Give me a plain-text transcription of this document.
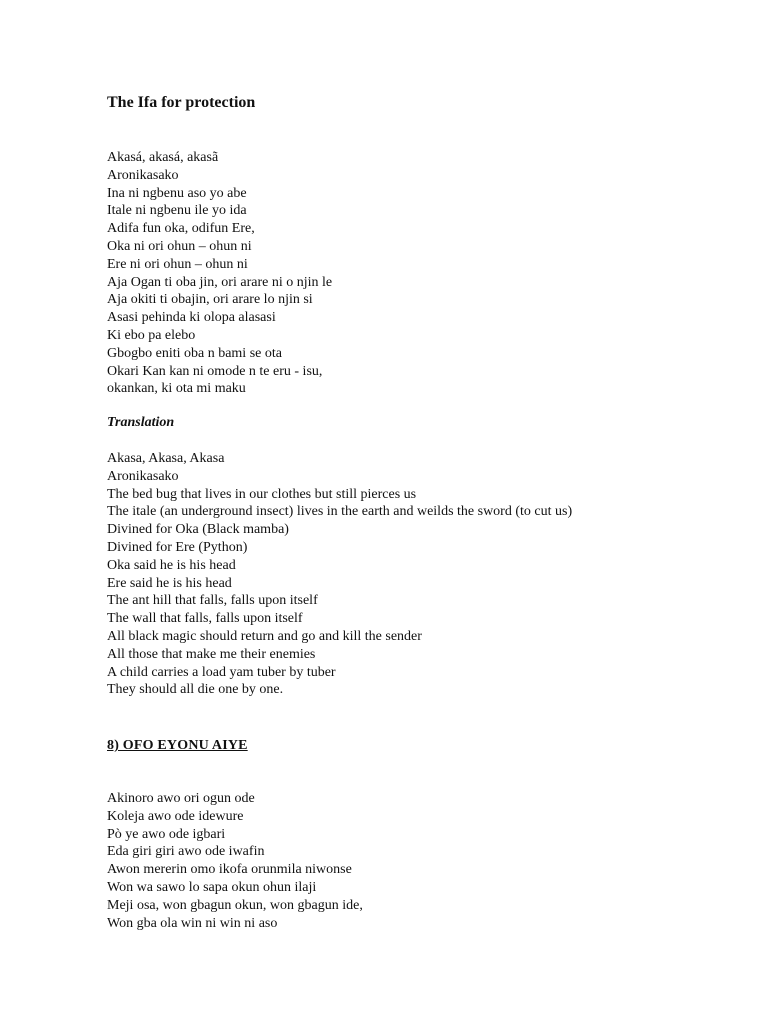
The Ifa for protection
Akasá, akasá, akasã
Aronikasako
Ina ni ngbenu aso yo abe
Itale ni ngbenu ile yo ida
Adifa fun oka, odifun Ere,
Oka ni ori ohun – ohun ni
Ere ni ori ohun – ohun ni
Aja Ogan ti oba jin, ori arare ni o njin le
Aja okiti ti obajin, ori arare lo njin si
Asasi pehinda ki olopa alasasi
Ki ebo pa elebo
Gbogbo eniti oba n bami se ota
Okari Kan kan ni omode n te eru - isu,
okankan, ki ota mi maku
Translation
Akasa, Akasa, Akasa
Aronikasako
The bed bug that lives in our clothes but still pierces us
The itale (an underground insect) lives in the earth and weilds the sword (to cut us)
Divined for Oka (Black mamba)
Divined for Ere (Python)
Oka said he is his head
Ere said he is his head
The ant hill that falls, falls upon itself
The wall that falls, falls upon itself
All black magic should return and go and kill the sender
All those that make me their enemies
A child carries a load yam tuber by tuber
They should all die one by one.
8) OFO EYONU AIYE
Akinoro awo ori ogun ode
Koleja awo ode idewure
Pò ye awo ode igbari
Eda giri giri awo ode iwafin
Awon mererin omo ikofa orunmila niwonse
Won wa sawo lo sapa okun ohun ilaji
Meji osa, won gbagun okun, won gbagun ide,
Won gba ola win ni win ni aso
